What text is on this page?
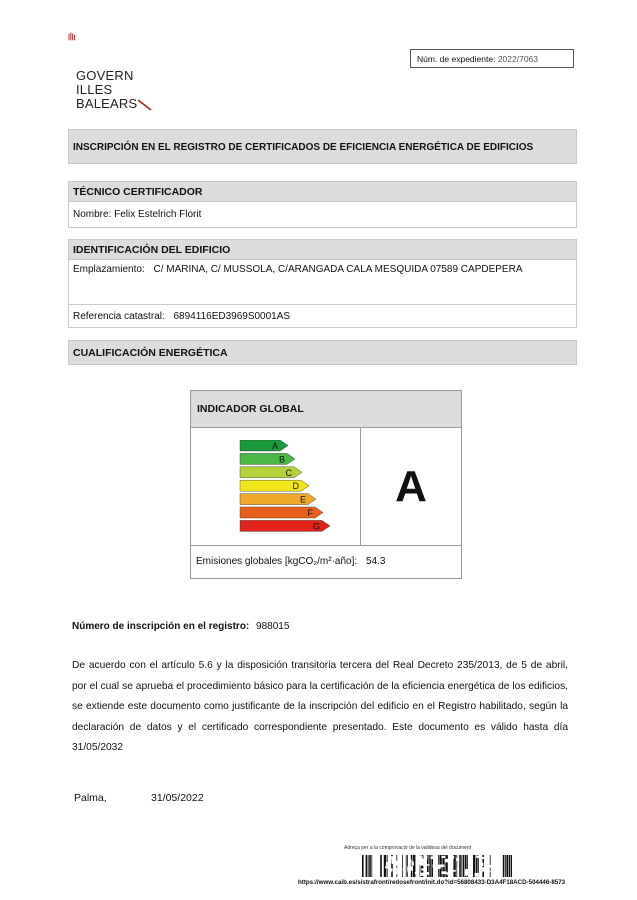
GOVERN
ILLES
BALEARS
Núm. de expediente: 2022/7063
INSCRIPCIÓN EN EL REGISTRO DE CERTIFICADOS DE EFICIENCIA ENERGÉTICA DE EDIFICIOS
TÉCNICO CERTIFICADOR
Nombre: Felix Estelrich Florit
IDENTIFICACIÓN DEL EDIFICIO
Emplazamiento: C/ MARINA, C/ MUSSOLA, C/ARANGADA CALA MESQUIDA 07589 CAPDEPERA
Referencia catastral: 6894116ED3969S0001AS
CUALIFICACIÓN ENERGÉTICA
INDICADOR GLOBAL
A
B
C
D
E
F
G
A
Emisiones globales [kgCO₂/m²·año]: 54.3
Número de inscripción en el registro: 988015
De acuerdo con el artículo 5.6 y la disposición transitoria tercera del Real Decreto 235/2013, de 5 de abril, por el cual se aprueba el procedimiento básico para la certificación de la eficiencia energética de los edificios, se extiende este documento como justificante de la inscripción del edificio en el Registro habilitado, según la declaración de datos y el certificado correspondiente presentado. Este documento es válido hasta día 31/05/2032
Palma,	31/05/2022
Adreça per a la comprovació de la validesa del document
https://www.caib.es/sistrafront/redosefront/init.do?id=56808433-D3A4F18ACD-504446-8573
